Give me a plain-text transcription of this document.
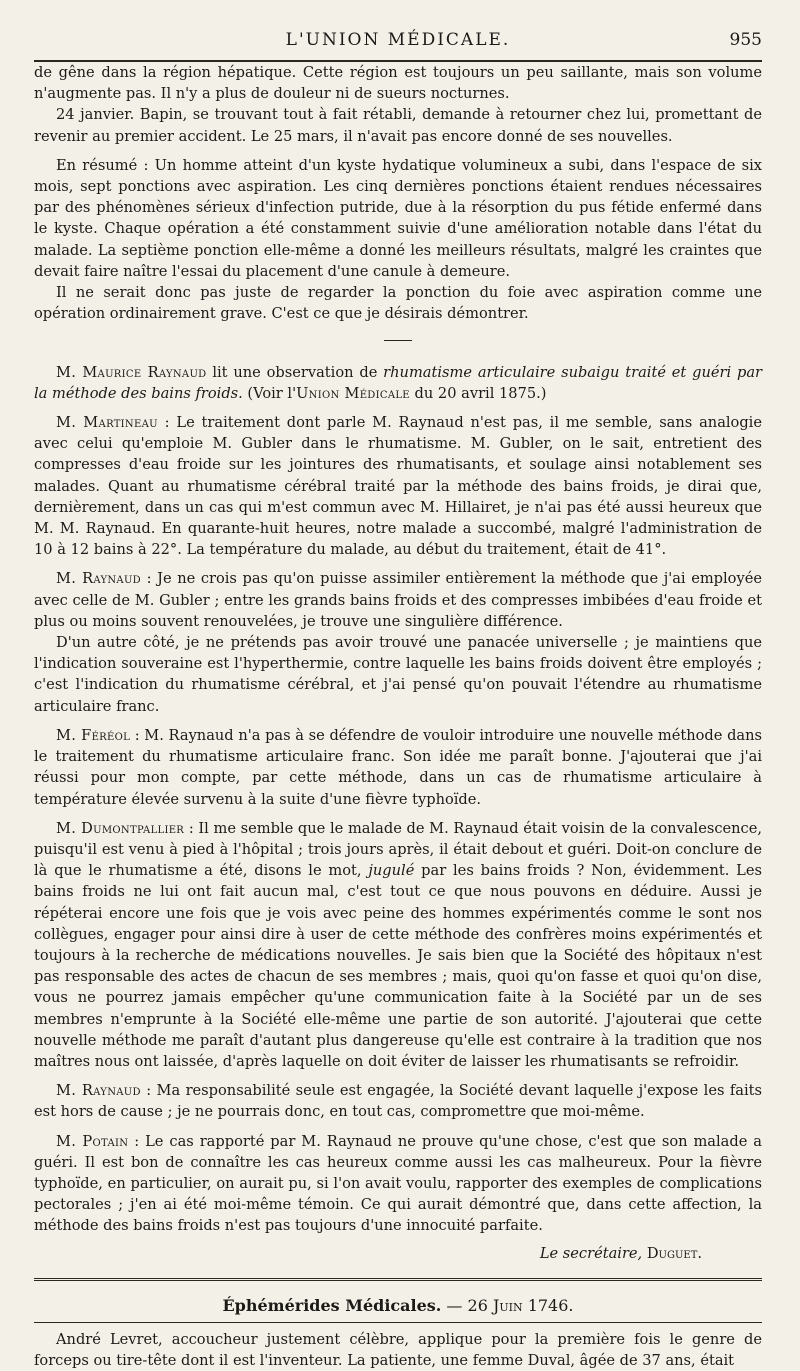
L'UNION MÉDICALE.	955

de gêne dans la région hépatique. Cette région est toujours un peu saillante, mais son volume n'augmente pas. Il n'y a plus de douleur ni de sueurs nocturnes.

24 janvier. Bapin, se trouvant tout à fait rétabli, demande à retourner chez lui, promettant de revenir au premier accident. Le 25 mars, il n'avait pas encore donné de ses nouvelles.

En résumé : Un homme atteint d'un kyste hydatique volumineux a subi, dans l'espace de six mois, sept ponctions avec aspiration. Les cinq dernières ponctions étaient rendues nécessaires par des phénomènes sérieux d'infection putride, due à la résorption du pus fétide enfermé dans le kyste. Chaque opération a été constamment suivie d'une amélioration notable dans l'état du malade. La septième ponction elle-même a donné les meilleurs résultats, malgré les craintes que devait faire naître l'essai du placement d'une canule à demeure.

Il ne serait donc pas juste de regarder la ponction du foie avec aspiration comme une opération ordinairement grave. C'est ce que je désirais démontrer.

M. Maurice Raynaud lit une observation de rhumatisme articulaire subaigu traité et guéri par la méthode des bains froids. (Voir l'Union Médicale du 20 avril 1875.)

M. Martineau : Le traitement dont parle M. Raynaud n'est pas, il me semble, sans analogie avec celui qu'emploie M. Gubler dans le rhumatisme. M. Gubler, on le sait, entretient des compresses d'eau froide sur les jointures des rhumatisants, et soulage ainsi notablement ses malades. Quant au rhumatisme cérébral traité par la méthode des bains froids, je dirai que, dernièrement, dans un cas qui m'est commun avec M. Hillairet, je n'ai pas été aussi heureux que M. M. Raynaud. En quarante-huit heures, notre malade a succombé, malgré l'administration de 10 à 12 bains à 22°. La température du malade, au début du traitement, était de 41°.

M. Raynaud : Je ne crois pas qu'on puisse assimiler entièrement la méthode que j'ai employée avec celle de M. Gubler ; entre les grands bains froids et des compresses imbibées d'eau froide et plus ou moins souvent renouvelées, je trouve une singulière différence.

D'un autre côté, je ne prétends pas avoir trouvé une panacée universelle ; je maintiens que l'indication souveraine est l'hyperthermie, contre laquelle les bains froids doivent être employés ; c'est l'indication du rhumatisme cérébral, et j'ai pensé qu'on pouvait l'étendre au rhumatisme articulaire franc.

M. Féréol : M. Raynaud n'a pas à se défendre de vouloir introduire une nouvelle méthode dans le traitement du rhumatisme articulaire franc. Son idée me paraît bonne. J'ajouterai que j'ai réussi pour mon compte, par cette méthode, dans un cas de rhumatisme articulaire à température élevée survenu à la suite d'une fièvre typhoïde.

M. Dumontpallier : Il me semble que le malade de M. Raynaud était voisin de la convalescence, puisqu'il est venu à pied à l'hôpital ; trois jours après, il était debout et guéri. Doit-on conclure de là que le rhumatisme a été, disons le mot, jugulé par les bains froids ? Non, évidemment. Les bains froids ne lui ont fait aucun mal, c'est tout ce que nous pouvons en déduire. Aussi je répéterai encore une fois que je vois avec peine des hommes expérimentés comme le sont nos collègues, engager pour ainsi dire à user de cette méthode des confrères moins expérimentés et toujours à la recherche de médications nouvelles. Je sais bien que la Société des hôpitaux n'est pas responsable des actes de chacun de ses membres ; mais, quoi qu'on fasse et quoi qu'on dise, vous ne pourrez jamais empêcher qu'une communication faite à la Société par un de ses membres n'emprunte à la Société elle-même une partie de son autorité. J'ajouterai que cette nouvelle méthode me paraît d'autant plus dangereuse qu'elle est contraire à la tradition que nos maîtres nous ont laissée, d'après laquelle on doit éviter de laisser les rhumatisants se refroidir.

M. Raynaud : Ma responsabilité seule est engagée, la Société devant laquelle j'expose les faits est hors de cause ; je ne pourrais donc, en tout cas, compromettre que moi-même.

M. Potain : Le cas rapporté par M. Raynaud ne prouve qu'une chose, c'est que son malade a guéri. Il est bon de connaître les cas heureux comme aussi les cas malheureux. Pour la fièvre typhoïde, en particulier, on aurait pu, si l'on avait voulu, rapporter des exemples de complications pectorales ; j'en ai été moi-même témoin. Ce qui aurait démontré que, dans cette affection, la méthode des bains froids n'est pas toujours d'une innocuité parfaite.

Le secrétaire, Duguet.
Éphémérides Médicales. — 26 Juin 1746.

André Levret, accoucheur justement célèbre, applique pour la première fois le genre de forceps ou tire-tête dont il est l'inventeur. La patiente, une femme Duval, âgée de 37 ans, était
